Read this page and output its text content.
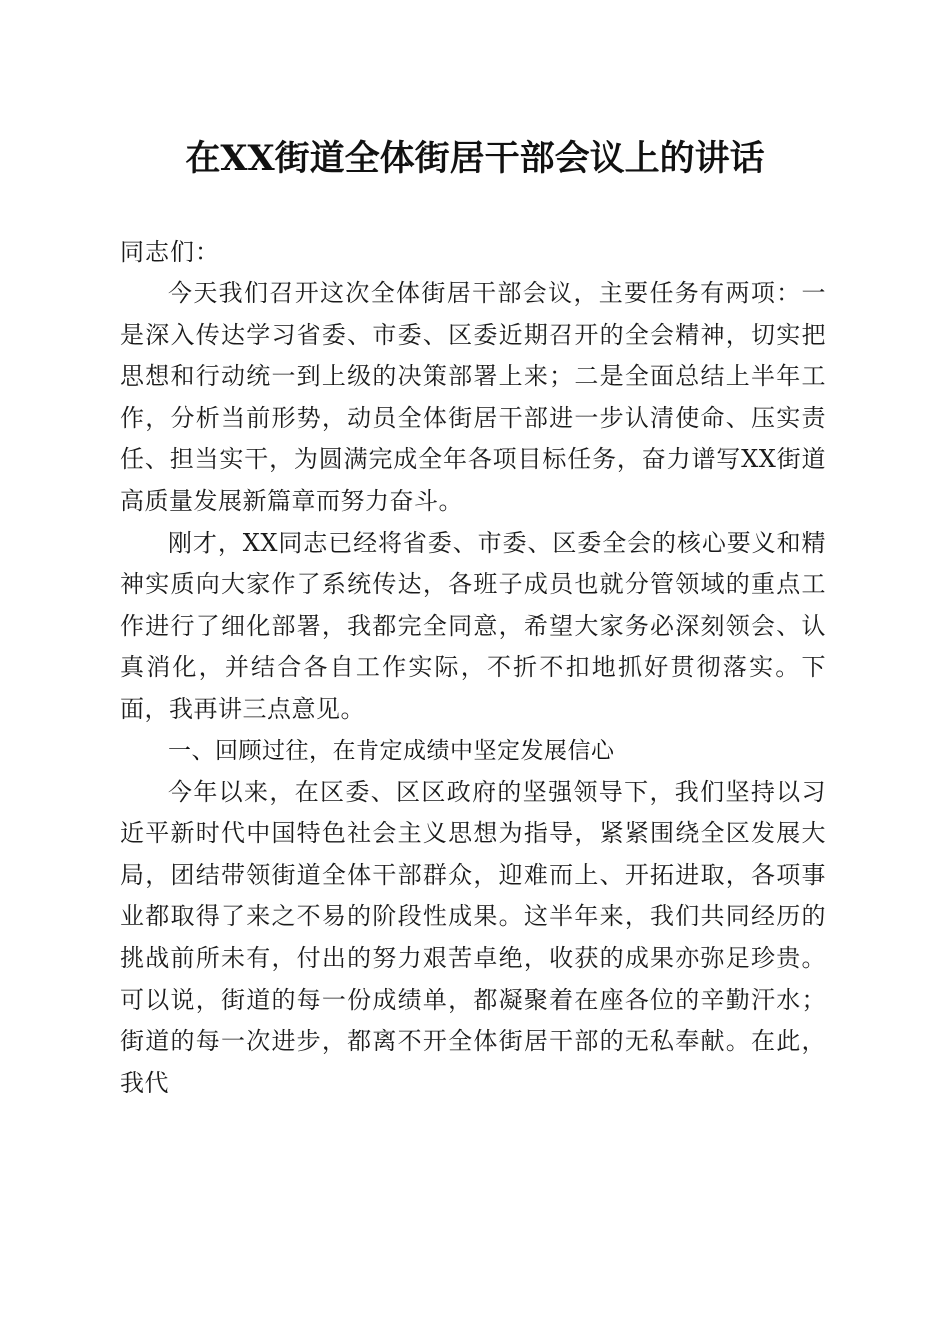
在XX街道全体街居干部会议上的讲话

同志们：

今天我们召开这次全体街居干部会议，主要任务有两项：一是深入传达学习省委、市委、区委近期召开的全会精神，切实把思想和行动统一到上级的决策部署上来；二是全面总结上半年工作，分析当前形势，动员全体街居干部进一步认清使命、压实责任、担当实干，为圆满完成全年各项目标任务，奋力谱写XX街道高质量发展新篇章而努力奋斗。

刚才，XX同志已经将省委、市委、区委全会的核心要义和精神实质向大家作了系统传达，各班子成员也就分管领域的重点工作进行了细化部署，我都完全同意，希望大家务必深刻领会、认真消化，并结合各自工作实际，不折不扣地抓好贯彻落实。下面，我再讲三点意见。

一、回顾过往，在肯定成绩中坚定发展信心

今年以来，在区委、区区政府的坚强领导下，我们坚持以习近平新时代中国特色社会主义思想为指导，紧紧围绕全区发展大局，团结带领街道全体干部群众，迎难而上、开拓进取，各项事业都取得了来之不易的阶段性成果。这半年来，我们共同经历的挑战前所未有，付出的努力艰苦卓绝，收获的成果亦弥足珍贵。可以说，街道的每一份成绩单，都凝聚着在座各位的辛勤汗水；街道的每一次进步，都离不开全体街居干部的无私奉献。在此，我代
